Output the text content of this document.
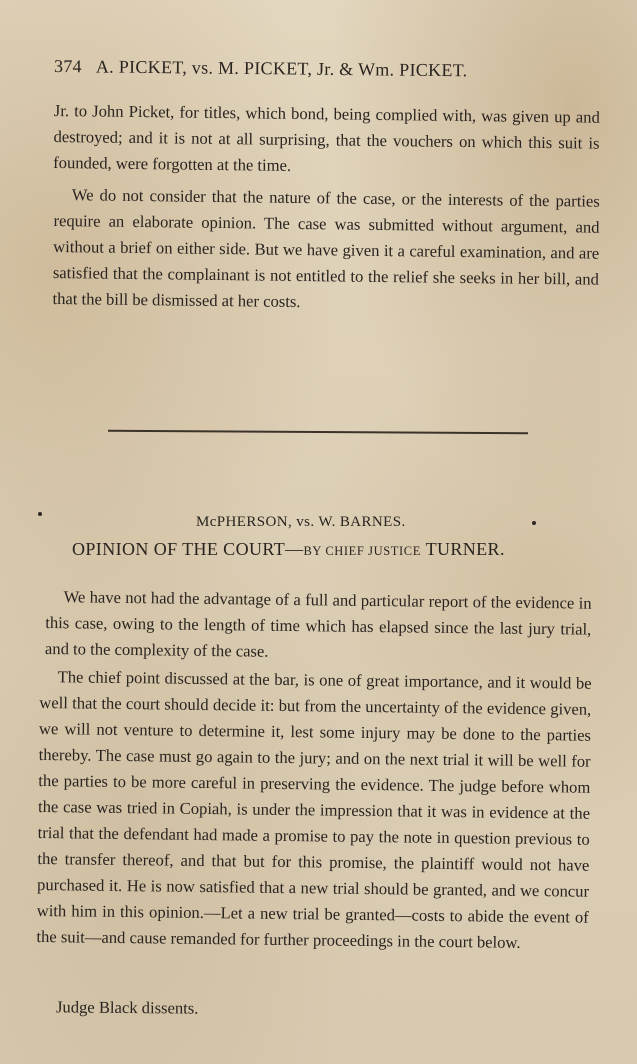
374 A. PICKET, vs. M. PICKET, Jr. & Wm. PICKET.

Jr. to John Picket, for titles, which bond, being complied with, was given up and destroyed; and it is not at all surprising, that the vouchers on which this suit is founded, were forgotten at the time.

We do not consider that the nature of the case, or the interests of the parties require an elaborate opinion. The case was submitted without argument, and without a brief on either side. But we have given it a careful examination, and are satisfied that the complainant is not entitled to the relief she seeks in her bill, and that the bill be dismissed at her costs.

McPHERSON, vs. W. BARNES.
OPINION OF THE COURT—BY CHIEF JUSTICE TURNER.

We have not had the advantage of a full and particular report of the evidence in this case, owing to the length of time which has elapsed since the last jury trial, and to the complexity of the case.

The chief point discussed at the bar, is one of great importance, and it would be well that the court should decide it: but from the uncertainty of the evidence given, we will not venture to determine it, lest some injury may be done to the parties thereby. The case must go again to the jury; and on the next trial it will be well for the parties to be more careful in preserving the evidence. The judge before whom the case was tried in Copiah, is under the impression that it was in evidence at the trial that the defendant had made a promise to pay the note in question previous to the transfer thereof, and that but for this promise, the plaintiff would not have purchased it. He is now satisfied that a new trial should be granted, and we concur with him in this opinion.—Let a new trial be granted—costs to abide the event of the suit—and cause remanded for further proceedings in the court below.

Judge Black dissents.
